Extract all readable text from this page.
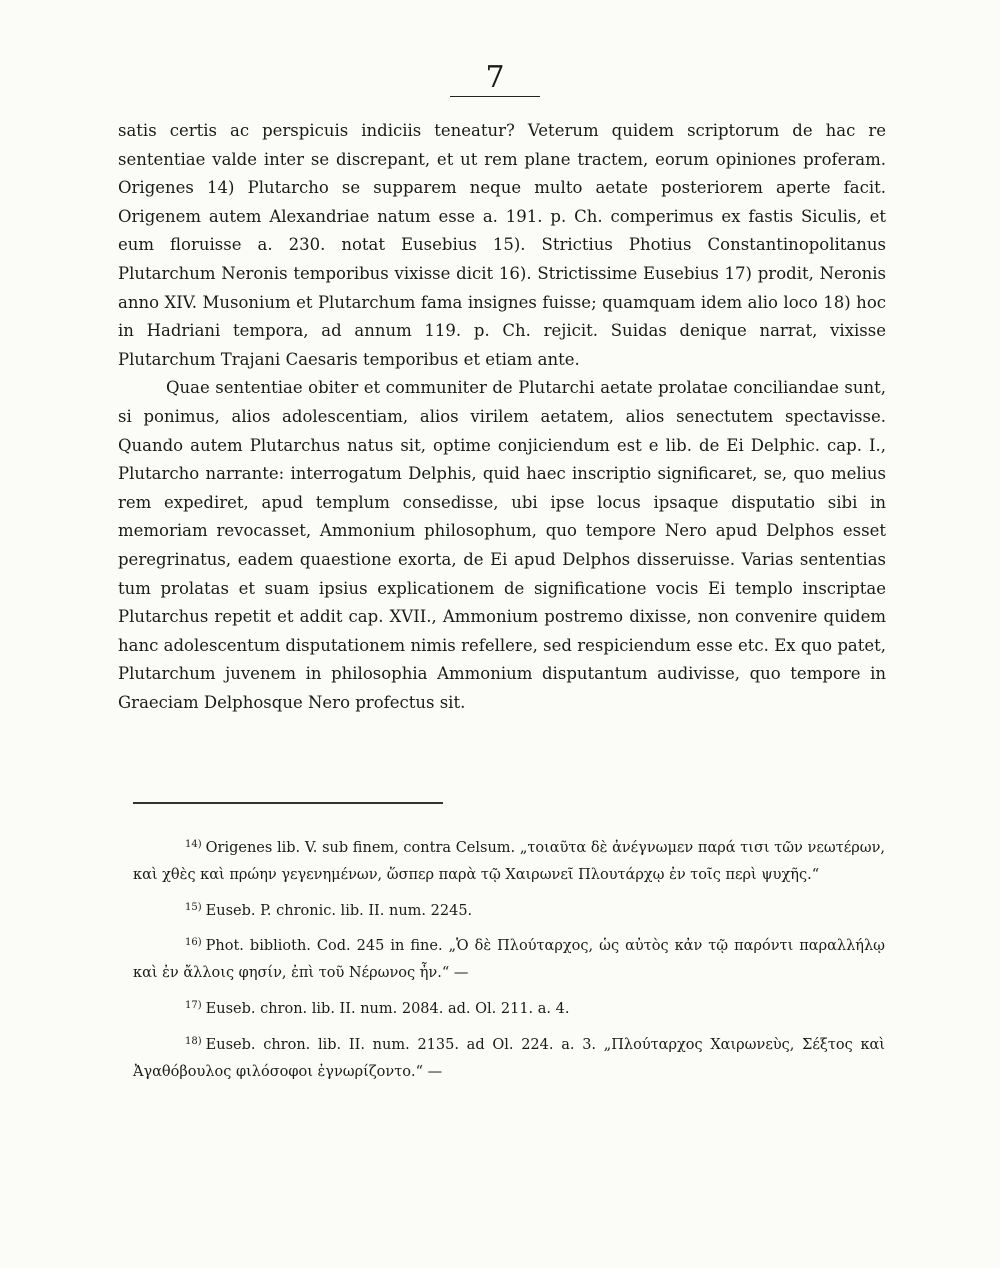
7

satis certis ac perspicuis indiciis teneatur? Veterum quidem scriptorum de hac re sententiae valde inter se discrepant, et ut rem plane tractem, eorum opiniones proferam. Origenes 14) Plutarcho se supparem neque multo aetate posteriorem aperte facit. Origenem autem Alexandriae natum esse a. 191. p. Ch. comperimus ex fastis Siculis, et eum floruisse a. 230. notat Eusebius 15). Strictius Photius Constantinopolitanus Plutarchum Neronis temporibus vixisse dicit 16). Strictissime Eusebius 17) prodit, Neronis anno XIV. Musonium et Plutarchum fama insignes fuisse; quamquam idem alio loco 18) hoc in Hadriani tempora, ad annum 119. p. Ch. rejicit. Suidas denique narrat, vixisse Plutarchum Trajani Caesaris temporibus et etiam ante.

Quae sententiae obiter et communiter de Plutarchi aetate prolatae conciliandae sunt, si ponimus, alios adolescentiam, alios virilem aetatem, alios senectutem spectavisse. Quando autem Plutarchus natus sit, optime conjiciendum est e lib. de Ei Delphic. cap. I., Plutarcho narrante: interrogatum Delphis, quid haec inscriptio significaret, se, quo melius rem expediret, apud templum consedisse, ubi ipse locus ipsaque disputatio sibi in memoriam revocasset, Ammonium philosophum, quo tempore Nero apud Delphos esset peregrinatus, eadem quaestione exorta, de Ei apud Delphos disseruisse. Varias sententias tum prolatas et suam ipsius explicationem de significatione vocis Ei templo inscriptae Plutarchus repetit et addit cap. XVII., Ammonium postremo dixisse, non convenire quidem hanc adolescentum disputationem nimis refellere, sed respiciendum esse etc. Ex quo patet, Plutarchum juvenem in philosophia Ammonium disputantum audivisse, quo tempore in Graeciam Delphosque Nero profectus sit.

$^{14)}$ Origenes lib. V. sub finem, contra Celsum. „τοιαῦτα δὲ ἀνέγνωμεν παρά τισι τῶν νεωτέρων, καὶ χθὲς καὶ πρώην γεγενημένων, ὥσπερ παρὰ τῷ Χαιρωνεῖ Πλουτάρχῳ ἐν τοῖς περὶ ψυχῆς.“

$^{15)}$ Euseb. P. chronic. lib. II. num. 2245.

$^{16)}$ Phot. biblioth. Cod. 245 in fine. „Ὁ δὲ Πλούταρχος, ὡς αὐτὸς κἀν τῷ παρόντι παραλλήλῳ καὶ ἐν ἄλλοις φησίν, ἐπὶ τοῦ Νέρωνος ἦν.“ —

$^{17)}$ Euseb. chron. lib. II. num. 2084. ad. Ol. 211. a. 4.

$^{18)}$ Euseb. chron. lib. II. num. 2135. ad Ol. 224. a. 3. „Πλούταρχος Χαιρωνεὺς, Σέξτος καὶ Ἀγαθόβουλος φιλόσοφοι ἐγνωρίζοντο.“ —
